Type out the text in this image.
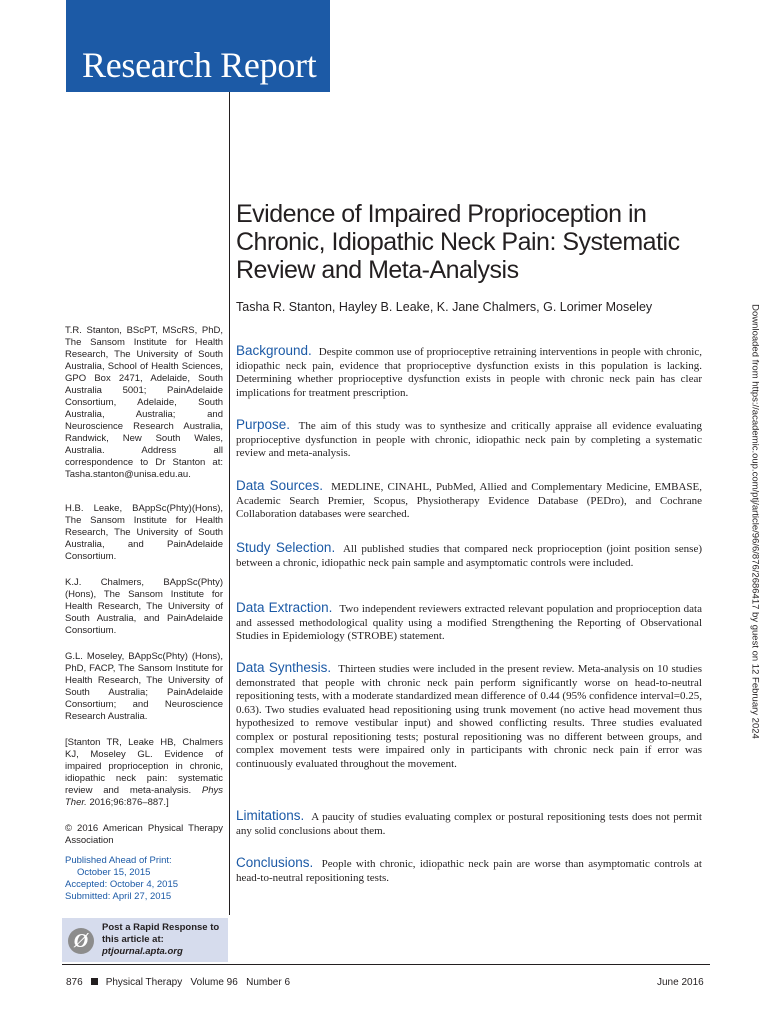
Research Report
Evidence of Impaired Proprioception in Chronic, Idiopathic Neck Pain: Systematic Review and Meta-Analysis
Tasha R. Stanton, Hayley B. Leake, K. Jane Chalmers, G. Lorimer Moseley
T.R. Stanton, BScPT, MScRS, PhD, The Sansom Institute for Health Research, The University of South Australia, School of Health Sciences, GPO Box 2471, Adelaide, South Australia 5001; PainAdelaide Consortium, Adelaide, South Australia, Australia; and Neuroscience Research Australia, Randwick, New South Wales, Australia. Address all correspondence to Dr Stanton at: Tasha.stanton@unisa.edu.au.
H.B. Leake, BAppSc(Phty)(Hons), The Sansom Institute for Health Research, The University of South Australia, and PainAdelaide Consortium.
K.J. Chalmers, BAppSc(Phty) (Hons), The Sansom Institute for Health Research, The University of South Australia, and PainAdelaide Consortium.
G.L. Moseley, BAppSc(Phty) (Hons), PhD, FACP, The Sansom Institute for Health Research, The University of South Australia; PainAdelaide Consortium; and Neuroscience Research Australia.
[Stanton TR, Leake HB, Chalmers KJ, Moseley GL. Evidence of impaired proprioception in chronic, idiopathic neck pain: systematic review and meta-analysis. Phys Ther. 2016;96:876–887.]
© 2016 American Physical Therapy Association
Published Ahead of Print:
October 15, 2015
Accepted: October 4, 2015
Submitted: April 27, 2015
Ø
Post a Rapid Response to this article at:
ptjournal.apta.org
Background. Despite common use of proprioceptive retraining interventions in people with chronic, idiopathic neck pain, evidence that proprioceptive dysfunction exists in this population is lacking. Determining whether proprioceptive dysfunction exists in people with chronic neck pain has clear implications for treatment prescription.
Purpose. The aim of this study was to synthesize and critically appraise all evidence evaluating proprioceptive dysfunction in people with chronic, idiopathic neck pain by completing a systematic review and meta-analysis.
Data Sources. MEDLINE, CINAHL, PubMed, Allied and Complementary Medicine, EMBASE, Academic Search Premier, Scopus, Physiotherapy Evidence Database (PEDro), and Cochrane Collaboration databases were searched.
Study Selection. All published studies that compared neck proprioception (joint position sense) between a chronic, idiopathic neck pain sample and asymptomatic controls were included.
Data Extraction. Two independent reviewers extracted relevant population and proprioception data and assessed methodological quality using a modified Strengthening the Reporting of Observational Studies in Epidemiology (STROBE) statement.
Data Synthesis. Thirteen studies were included in the present review. Meta-analysis on 10 studies demonstrated that people with chronic neck pain perform significantly worse on head-to-neutral repositioning tests, with a moderate standardized mean difference of 0.44 (95% confidence interval=0.25, 0.63). Two studies evaluated head repositioning using trunk movement (no active head movement thus hypothesized to remove vestibular input) and showed conflicting results. Three studies evaluated complex or postural repositioning tests; postural repositioning was no different between groups, and complex movement tests were impaired only in participants with chronic neck pain if error was continuously evaluated throughout the movement.
Limitations. A paucity of studies evaluating complex or postural repositioning tests does not permit any solid conclusions about them.
Conclusions. People with chronic, idiopathic neck pain are worse than asymptomatic controls at head-to-neutral repositioning tests.
Downloaded from https://academic.oup.com/ptj/article/96/6/876/2686417 by guest on 12 February 2024
876 Physical Therapy   Volume 96   Number 6	June 2016
